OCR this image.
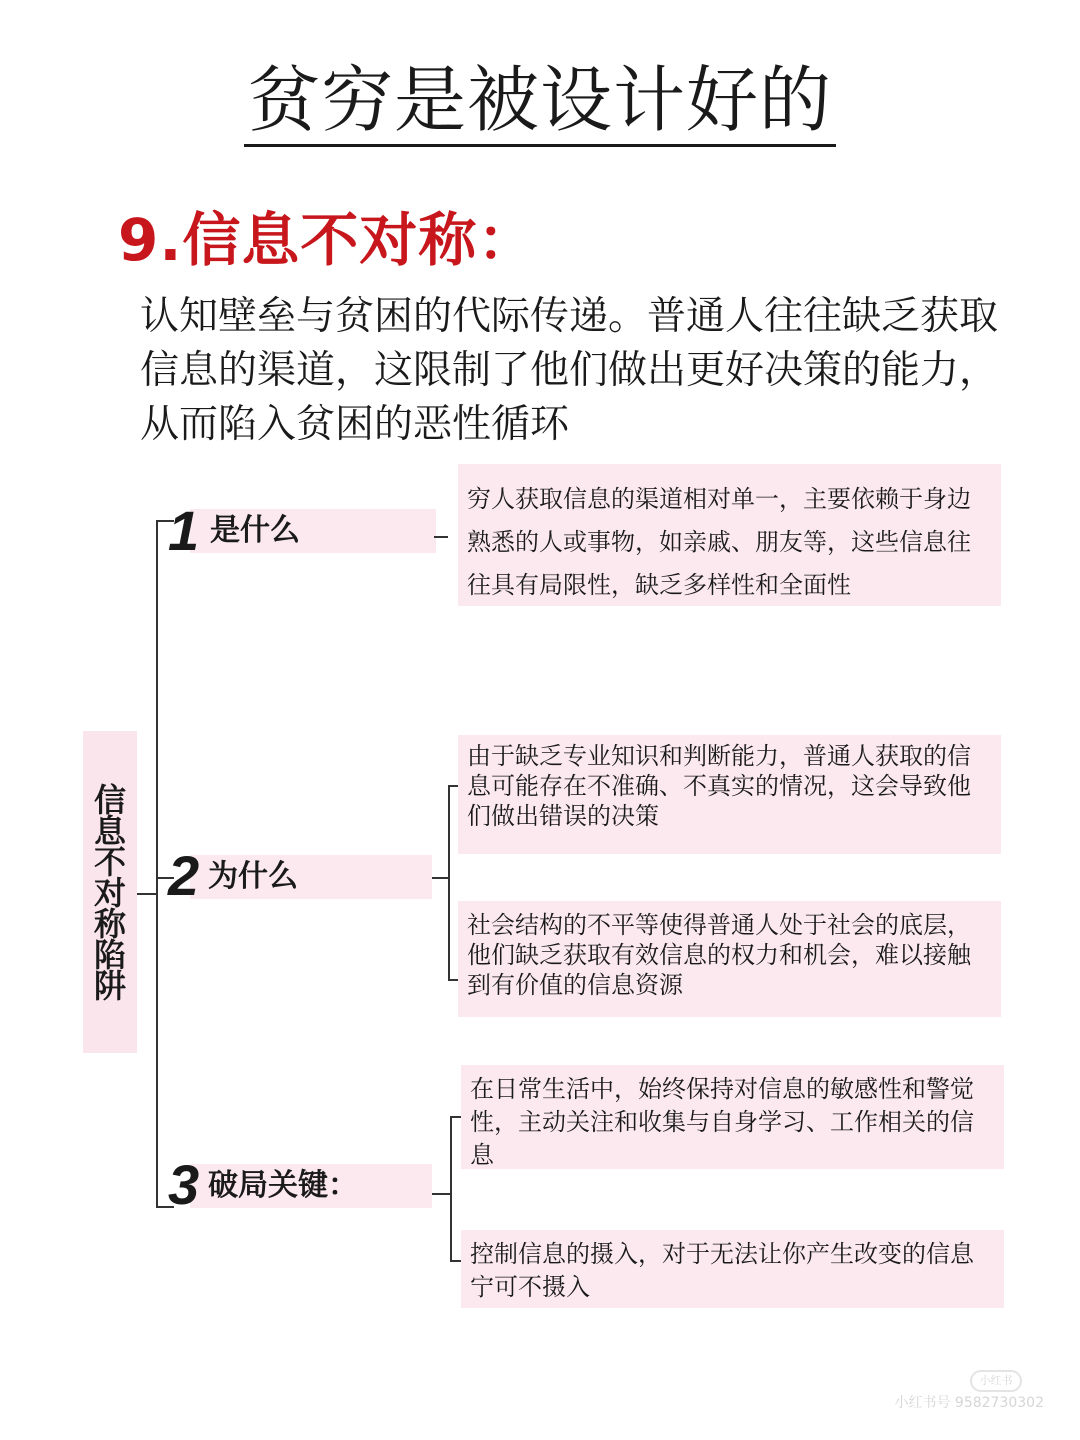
贫穷是被设计好的
9.信息不对称：
认知壁垒与贫困的代际传递。普通人往往缺乏获取信息的渠道，这限制了他们做出更好决策的能力，从而陷入贫困的恶性循环
信息不对称陷阱
1 是什么

穷人获取信息的渠道相对单一，主要依赖于身边熟悉的人或事物，如亲戚、朋友等，这些信息往往具有局限性，缺乏多样性和全面性

2 为什么

由于缺乏专业知识和判断能力，普通人获取的信息可能存在不准确、不真实的情况，这会导致他们做出错误的决策

社会结构的不平等使得普通人处于社会的底层，他们缺乏获取有效信息的权力和机会，难以接触到有价值的信息资源

3 破局关键：

在日常生活中，始终保持对信息的敏感性和警觉性，主动关注和收集与自身学习、工作相关的信息

控制信息的摄入，对于无法让你产生改变的信息宁可不摄入

小红书
小红书号 9582730302
